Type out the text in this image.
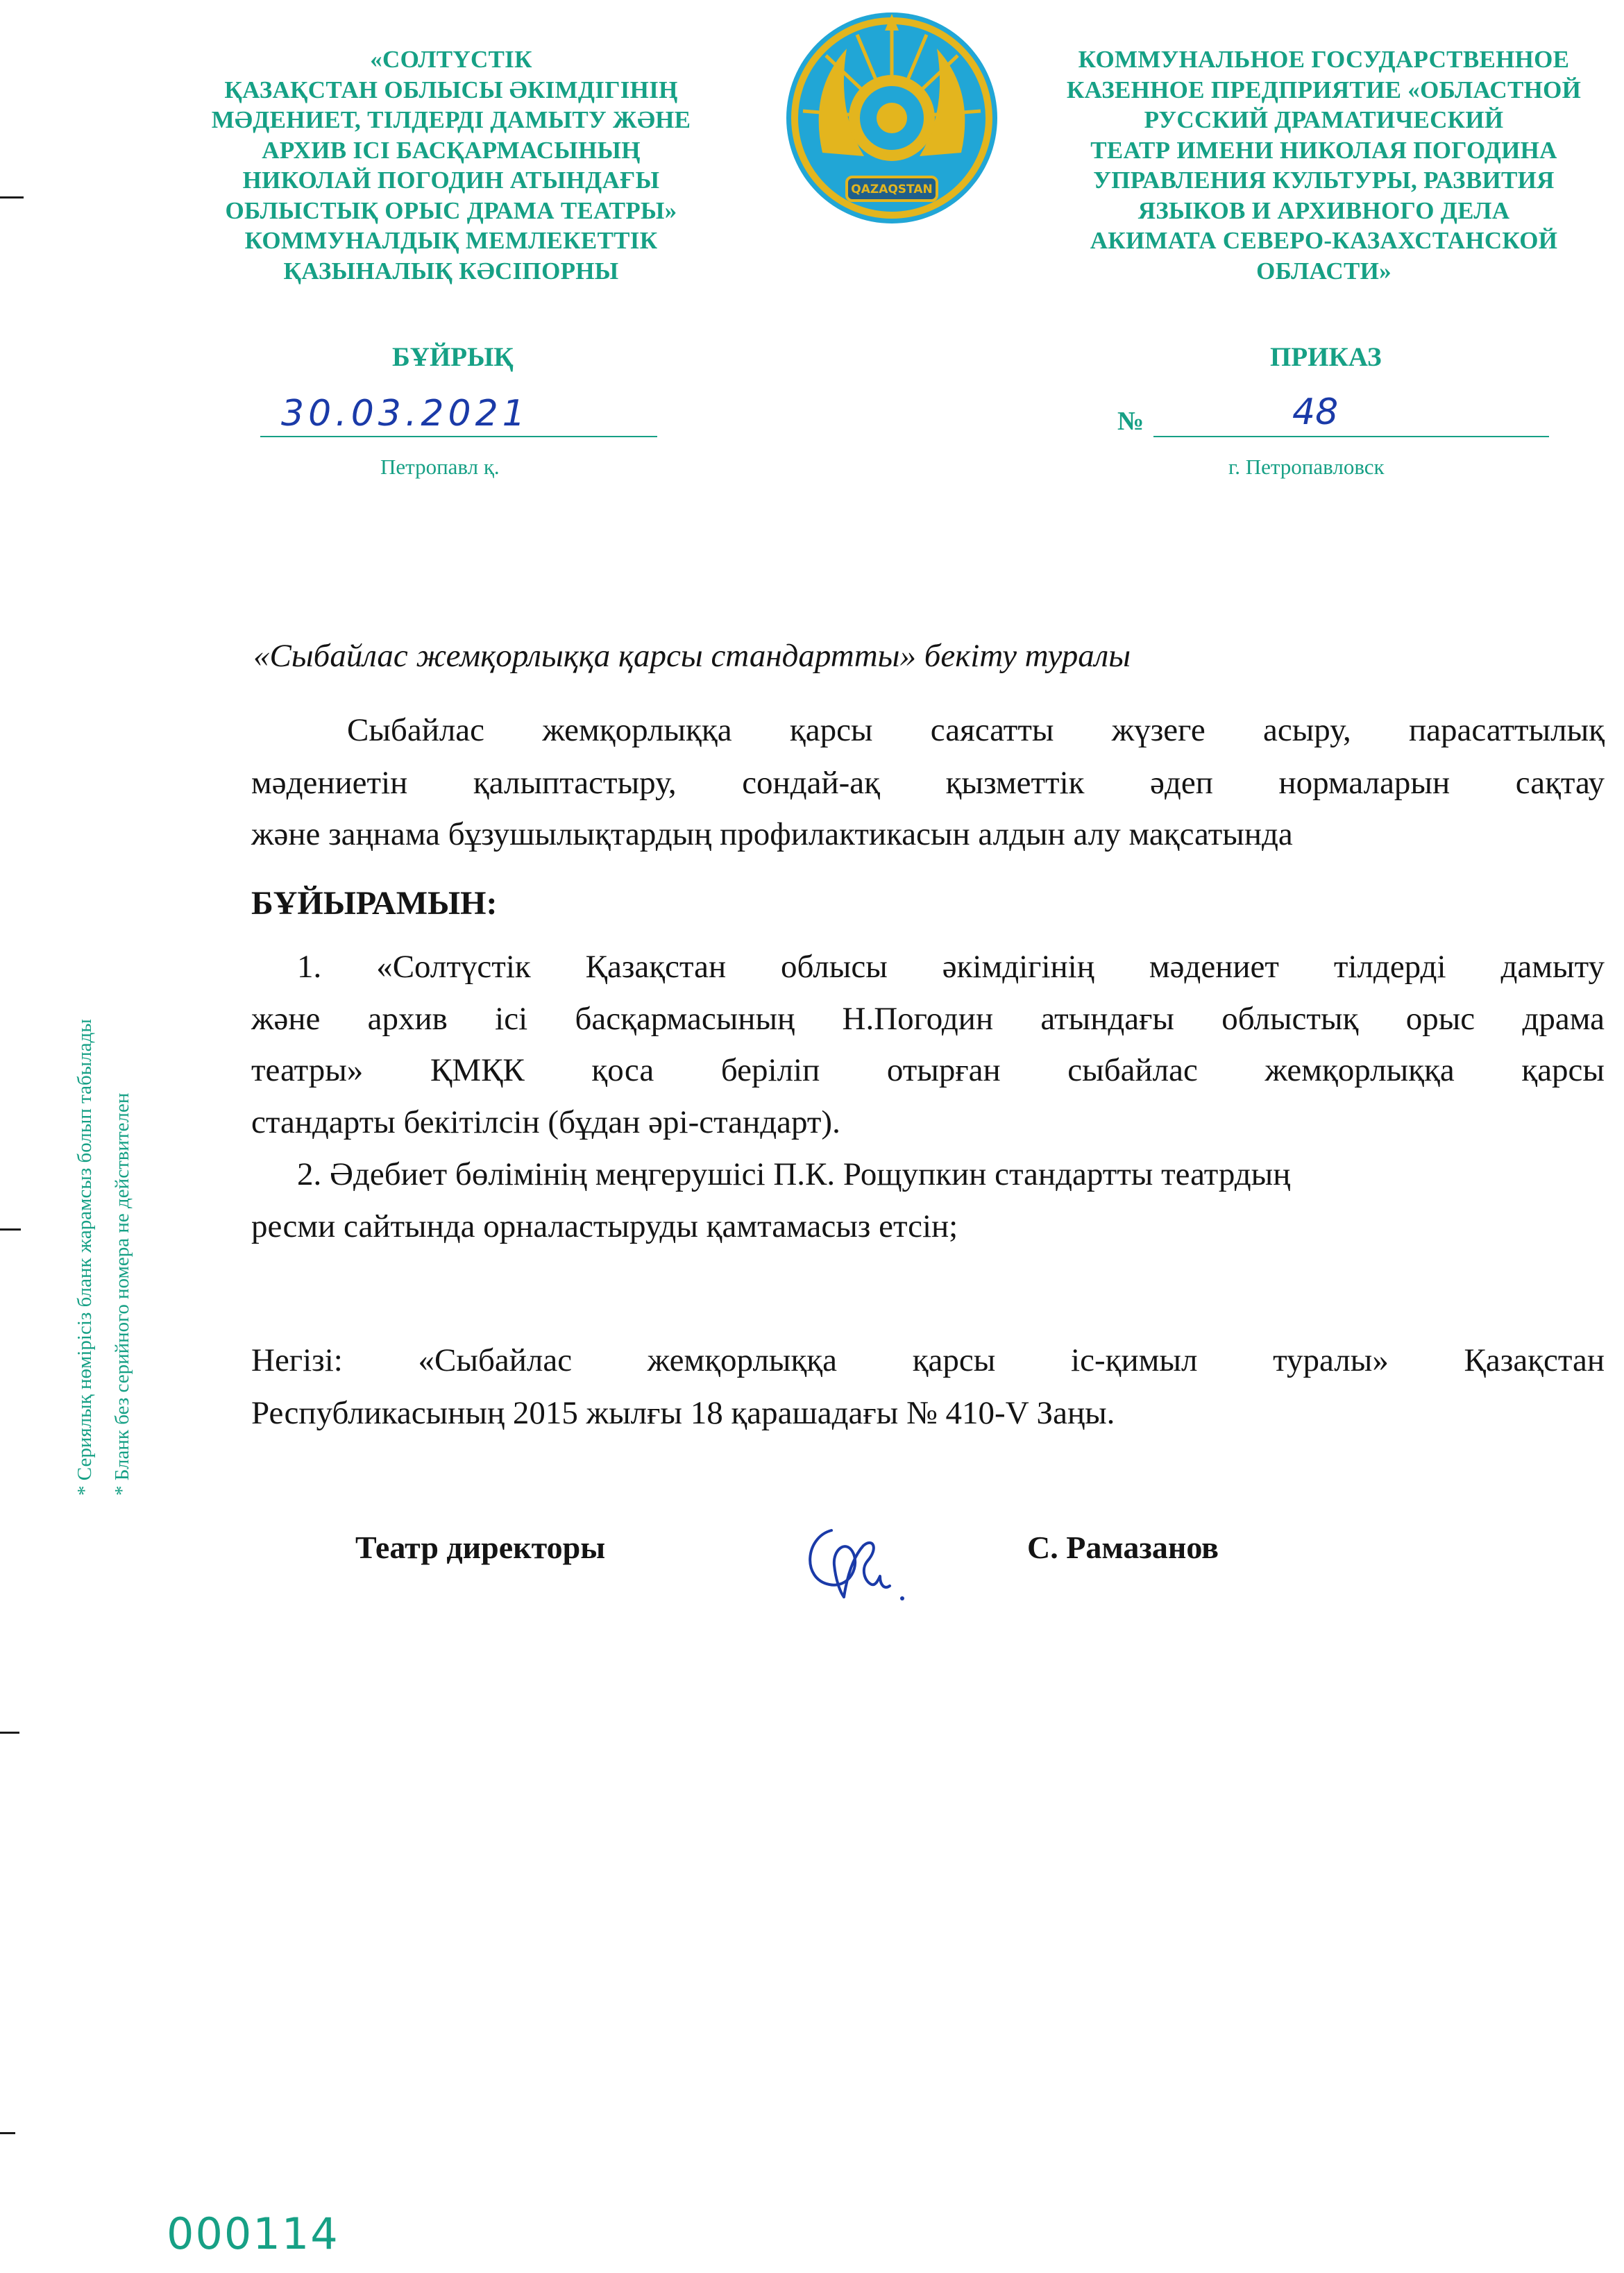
«СОЛТҮСТІК
ҚАЗАҚСТАН ОБЛЫСЫ ӘКІМДІГІНІҢ
МӘДЕНИЕТ, ТІЛДЕРДІ ДАМЫТУ ЖӘНЕ
АРХИВ ІСІ БАСҚАРМАСЫНЫҢ
НИКОЛАЙ ПОГОДИН АТЫНДАҒЫ
ОБЛЫСТЫҚ ОРЫС ДРАМА ТЕАТРЫ»
КОММУНАЛДЫҚ МЕМЛЕКЕТТІК
ҚАЗЫНАЛЫҚ КӘСІПОРНЫ
QAZAQSTAN
КОММУНАЛЬНОЕ ГОСУДАРСТВЕННОЕ
КАЗЕННОЕ ПРЕДПРИЯТИЕ «ОБЛАСТНОЙ
РУССКИЙ ДРАМАТИЧЕСКИЙ
ТЕАТР ИМЕНИ НИКОЛАЯ ПОГОДИНА
УПРАВЛЕНИЯ КУЛЬТУРЫ, РАЗВИТИЯ
ЯЗЫКОВ И АРХИВНОГО ДЕЛА
АКИМАТА СЕВЕРО-КАЗАХСТАНСКОЙ
ОБЛАСТИ»
БҰЙРЫҚ	ПРИКАЗ
30.03.2021
Петропавл қ.
№	48
г. Петропавловск
«Сыбайлас жемқорлыққа қарсы стандартты» бекіту туралы
Сыбайлас жемқорлыққа қарсы саясатты жүзеге асыру, парасаттылық
мәдениетін қалыптастыру, сондай-ақ қызметтік әдеп нормаларын сақтау
және заңнама бұзушылықтардың профилактикасын алдын алу мақсатында
БҰЙЫРАМЫН:
1. «Солтүстік Қазақстан облысы әкімдігінің мәдениет тілдерді дамыту
және архив ісі басқармасының Н.Погодин атындағы облыстық орыс драма
театры» ҚМҚК қоса беріліп отырған сыбайлас жемқорлыққа қарсы
стандарты бекітілсін (бұдан әрі-стандарт).
2. Әдебиет бөлімінің меңгерушісі П.К. Рощупкин стандартты театрдың
ресми сайтында орналастыруды қамтамасыз етсін;
Негізі: «Сыбайлас жемқорлыққа қарсы іс-қимыл туралы» Қазақстан
Республикасының 2015 жылғы 18 қарашадағы № 410-V Заңы.
Театр директоры	С. Рамазанов
* Сериялық нөмірісіз бланк жарамсыз болып табылады * Бланк без серийного номера не действителен
000114
